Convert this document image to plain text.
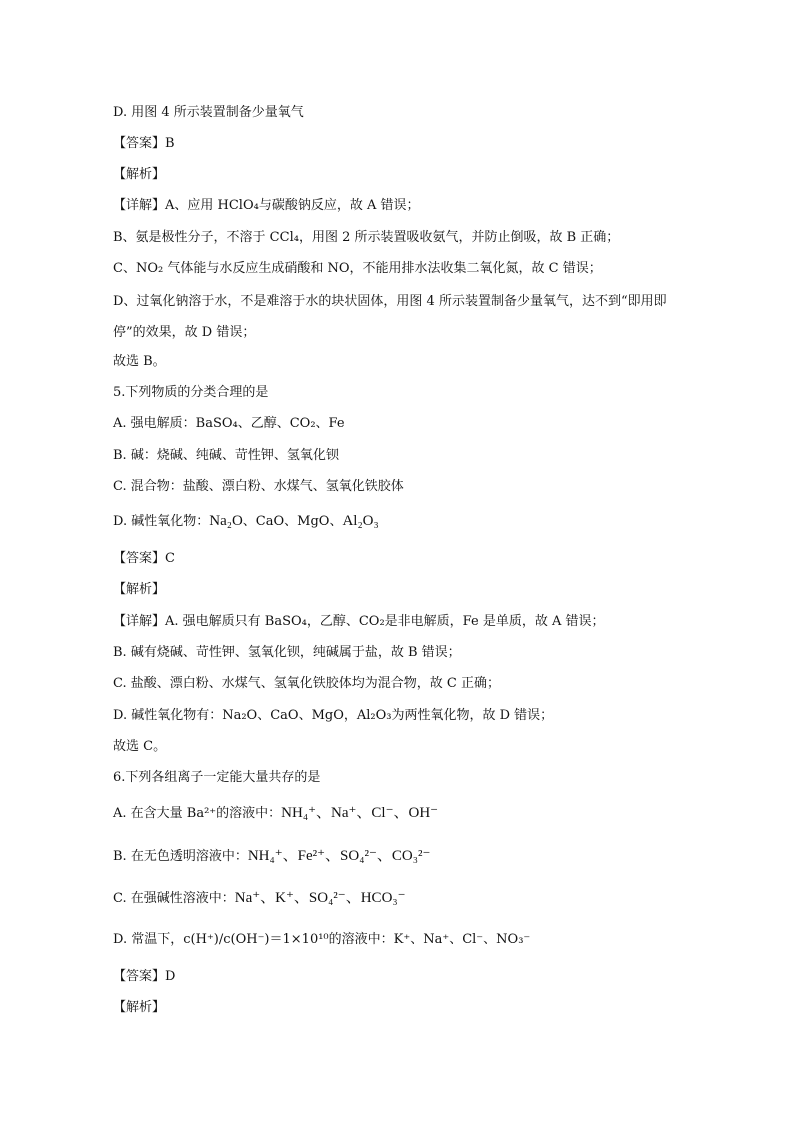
D. 用图 4 所示装置制备少量氧气
【答案】B
【解析】
【详解】A、应用 HClO₄与碳酸钠反应，故 A 错误；
B、氨是极性分子，不溶于 CCl₄，用图 2 所示装置吸收氨气，并防止倒吸，故 B 正确；
C、NO₂ 气体能与水反应生成硝酸和 NO，不能用排水法收集二氧化氮，故 C 错误；
D、过氧化钠溶于水，不是难溶于水的块状固体，用图 4 所示装置制备少量氧气，达不到“即用即停”的效果，故 D 错误；
故选 B。
5.下列物质的分类合理的是
A. 强电解质：BaSO₄、乙醇、CO₂、Fe
B. 碱：烧碱、纯碱、苛性钾、氢氧化钡
C. 混合物：盐酸、漂白粉、水煤气、氢氧化铁胶体
D. 碱性氧化物：Na₂O、CaO、MgO、Al₂O₃
【答案】C
【解析】
【详解】A. 强电解质只有 BaSO₄，乙醇、CO₂是非电解质，Fe 是单质，故 A 错误；
B. 碱有烧碱、苛性钾、氢氧化钡，纯碱属于盐，故 B 错误；
C. 盐酸、漂白粉、水煤气、氢氧化铁胶体均为混合物，故 C 正确；
D. 碱性氧化物有：Na₂O、CaO、MgO，Al₂O₃为两性氧化物，故 D 错误；
故选 C。
6.下列各组离子一定能大量共存的是
A. 在含大量 Ba²⁺的溶液中：NH₄⁺、Na⁺、Cl⁻、OH⁻
B. 在无色透明溶液中：NH₄⁺、Fe²⁺、SO₄²⁻、CO₃²⁻
C. 在强碱性溶液中：Na⁺、K⁺、SO₄²⁻、HCO₃⁻
D. 常温下，c(H⁺)/c(OH⁻)＝1×10¹⁰的溶液中：K⁺、Na⁺、Cl⁻、NO₃⁻
【答案】D
【解析】
